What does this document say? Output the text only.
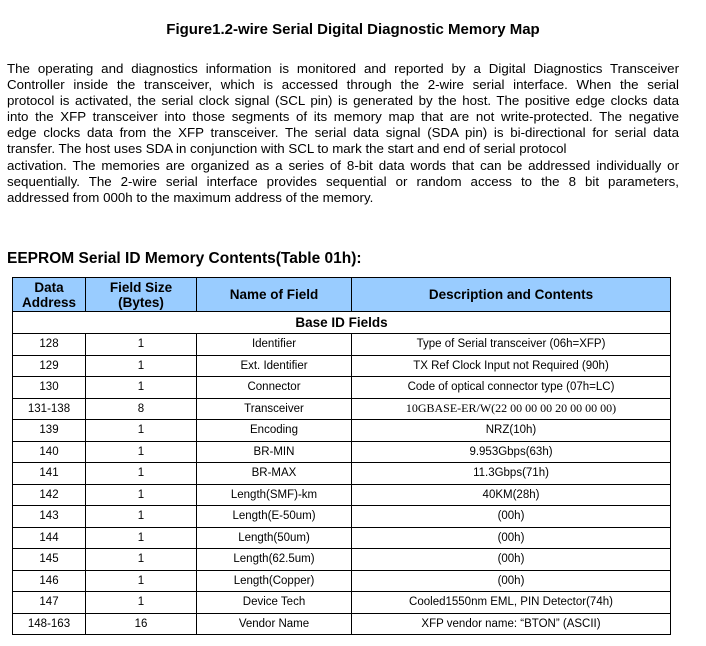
Figure1.2-wire Serial Digital Diagnostic Memory Map

The operating and diagnostics information is monitored and reported by a Digital Diagnostics Transceiver
Controller inside the transceiver, which is accessed through the 2-wire serial interface. When the serial
protocol is activated, the serial clock signal (SCL pin) is generated by the host. The positive edge clocks data
into the XFP transceiver into those segments of its memory map that are not write-protected. The negative
edge clocks data from the XFP transceiver. The serial data signal (SDA pin) is bi-directional for serial data
transfer. The host uses SDA in conjunction with SCL to mark the start and end of serial protocol
activation. The memories are organized as a series of 8-bit data words that can be addressed individually or
sequentially. The 2-wire serial interface provides sequential or random access to the 8 bit parameters,
addressed from 000h to the maximum address of the memory.

EEPROM Serial ID Memory Contents(Table 01h):
Data Address	Field Size (Bytes)	Name of Field	Description and Contents
Base ID Fields			
128	1	Identifier	Type of Serial transceiver (06h=XFP)
129	1	Ext. Identifier	TX Ref Clock Input not Required (90h)
130	1	Connector	Code of optical connector type (07h=LC)
131-138	8	Transceiver	10GBASE-ER/W(22 00 00 00 20 00 00 00)
139	1	Encoding	NRZ(10h)
140	1	BR-MIN	9.953Gbps(63h)
141	1	BR-MAX	11.3Gbps(71h)
142	1	Length(SMF)-km	40KM(28h)
143	1	Length(E-50um)	(00h)
144	1	Length(50um)	(00h)
145	1	Length(62.5um)	(00h)
146	1	Length(Copper)	(00h)
147	1	Device Tech	Cooled1550nm EML, PIN Detector(74h)
148-163	16	Vendor Name	XFP vendor name: “BTON” (ASCII)
